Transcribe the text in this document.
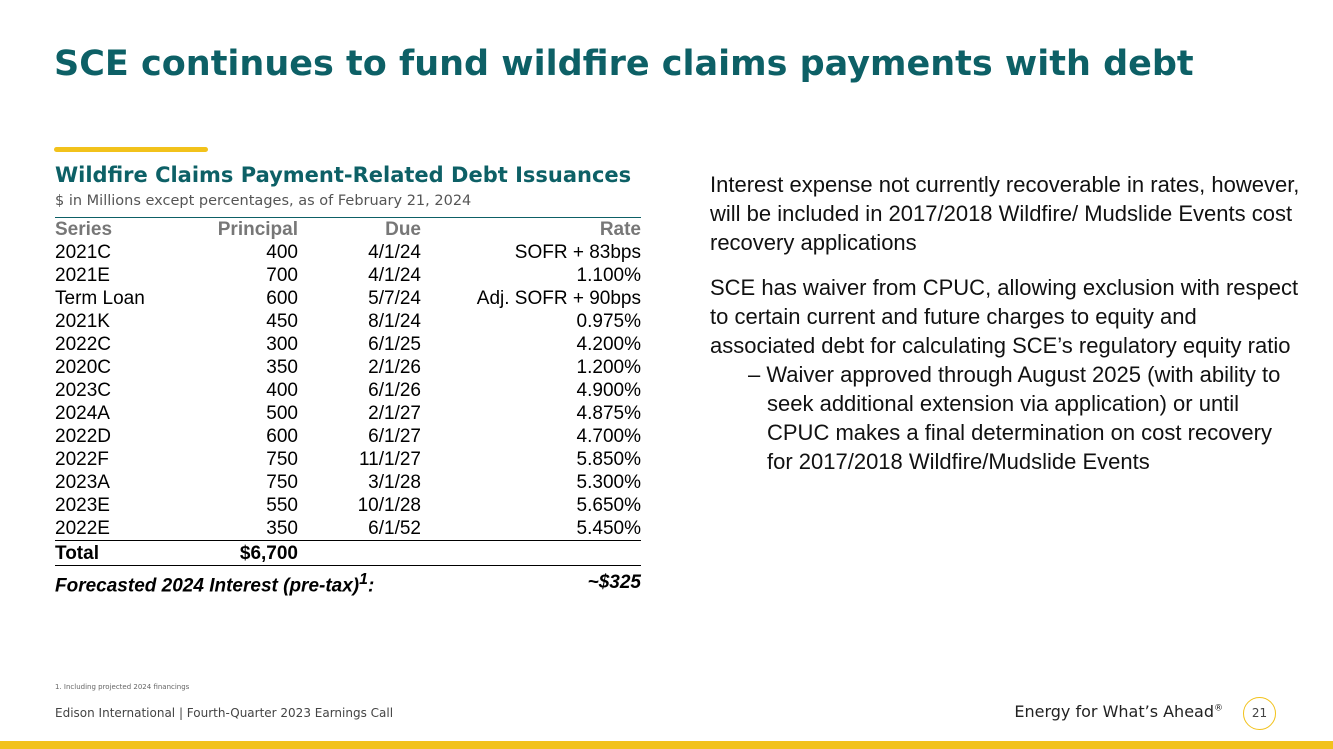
SCE continues to fund wildfire claims payments with debt
Wildfire Claims Payment-Related Debt Issuances
$ in Millions except percentages, as of February 21, 2024
Series	Principal	Due	Rate
2021C	400	4/1/24	SOFR + 83bps
2021E	700	4/1/24	1.100%
Term Loan	600	5/7/24	Adj. SOFR + 90bps
2021K	450	8/1/24	0.975%
2022C	300	6/1/25	4.200%
2020C	350	2/1/26	1.200%
2023C	400	6/1/26	4.900%
2024A	500	2/1/27	4.875%
2022D	600	6/1/27	4.700%
2022F	750	11/1/27	5.850%
2023A	750	3/1/28	5.300%
2023E	550	10/1/28	5.650%
2022E	350	6/1/52	5.450%
Total	$6,700		
Forecasted 2024 Interest $(pre-tax)^1$:			~$325
1. Including projected 2024 financings

Interest expense not currently recoverable in rates, however, will be included in 2017/2018 Wildfire/ Mudslide Events cost recovery applications

SCE has waiver from CPUC, allowing exclusion with respect to certain current and future charges to equity and associated debt for calculating SCE’s regulatory equity ratio

– Waiver approved through August 2025 (with ability to seek additional extension via application) or until CPUC makes a final determination on cost recovery for 2017/2018 Wildfire/Mudslide Events
Edison International | Fourth-Quarter 2023 Earnings Call	Energy for What’s Ahead®	21
